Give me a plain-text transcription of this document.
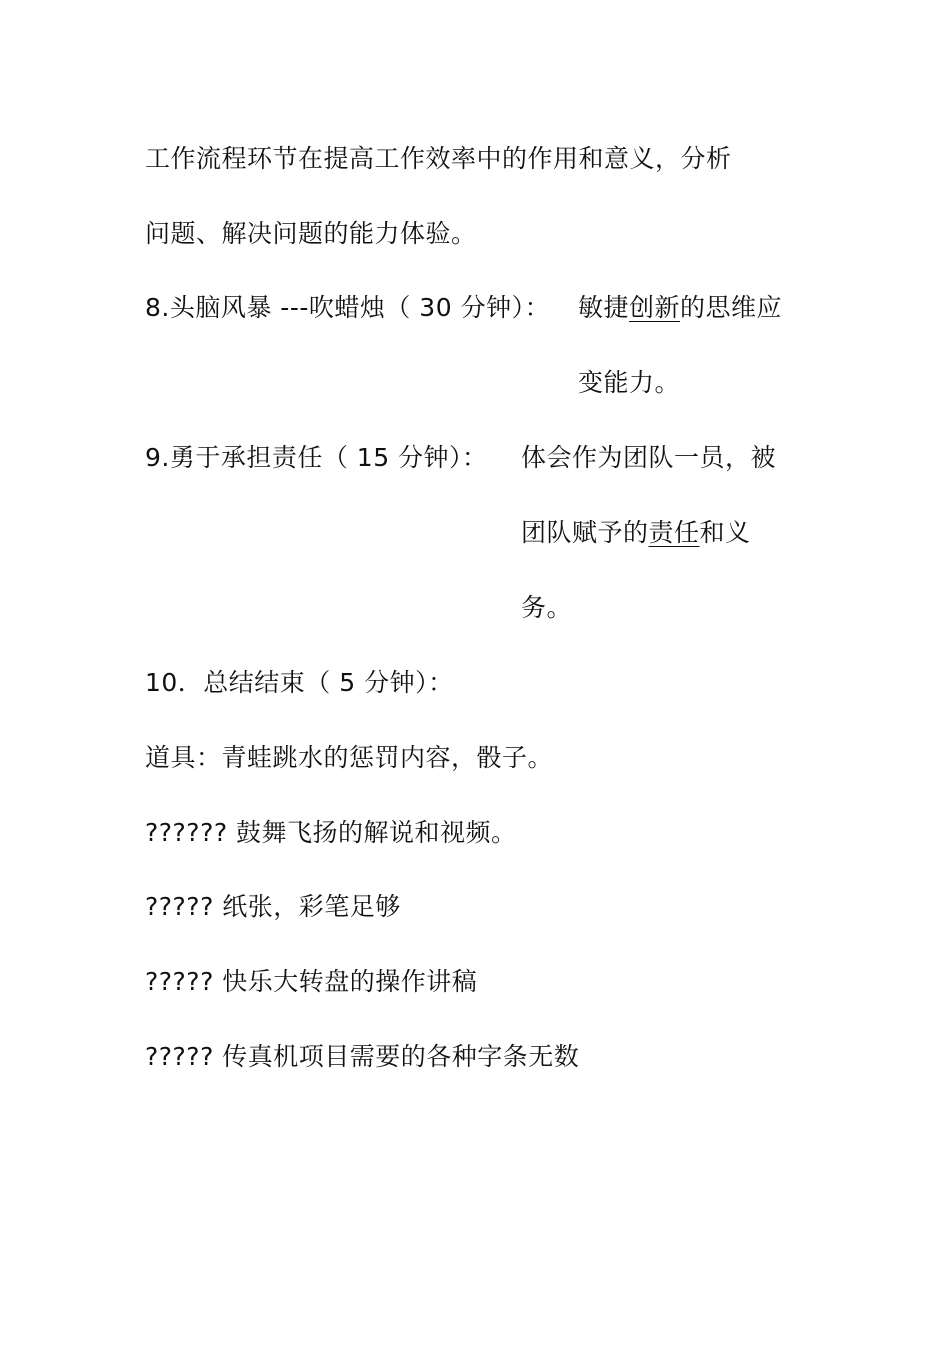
工作流程环节在提高工作效率中的作用和意义，分析
问题、解决问题的能力体验。
8.头脑风暴 ---吹蜡烛（ 30 分钟）： 敏捷创新的思维应
变能力。
9.勇于承担责任（ 15 分钟）： 体会作为团队一员，被
团队赋予的责任和义
务。
10．总结结束（ 5 分钟）：
道具：青蛙跳水的惩罚内容，骰子。
?????? 鼓舞飞扬的解说和视频。
????? 纸张，彩笔足够
????? 快乐大转盘的操作讲稿
????? 传真机项目需要的各种字条无数
